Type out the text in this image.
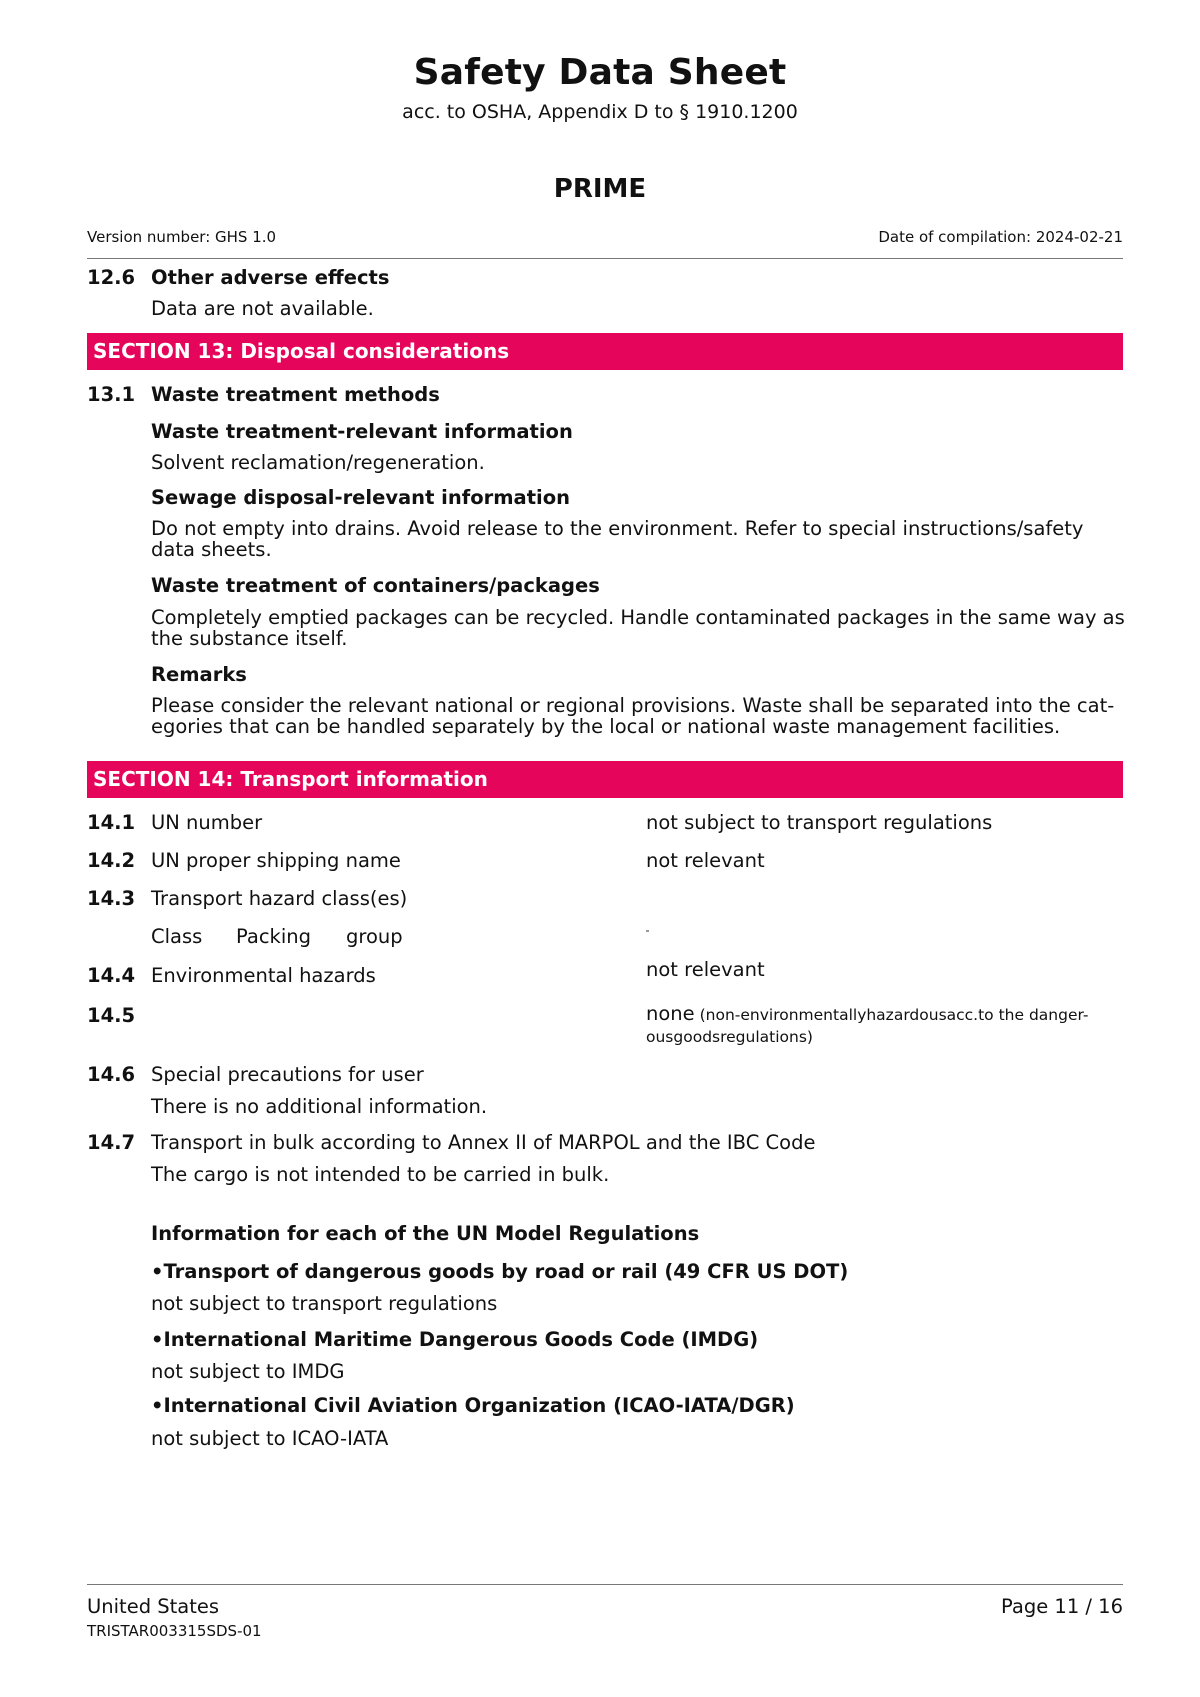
Safety Data Sheet
acc. to OSHA, Appendix D to § 1910.1200
PRIME
Version number: GHS 1.0	Date of compilation: 2024-02-21
12.6 Other adverse effects
Data are not available.
SECTION 13: Disposal considerations
13.1 Waste treatment methods
Waste treatment-relevant information
Solvent reclamation/regeneration.
Sewage disposal-relevant information
Do not empty into drains. Avoid release to the environment. Refer to special instructions/safety data sheets.
Waste treatment of containers/packages
Completely emptied packages can be recycled. Handle contaminated packages in the same way as the substance itself.
Remarks
Please consider the relevant national or regional provisions. Waste shall be separated into the cat-egories that can be handled separately by the local or national waste management facilities.
SECTION 14: Transport information
14.1 UN number	not subject to transport regulations
14.2 UN proper shipping name	not relevant
14.3 Transport hazard class(es)
Class Packing group
14.4 Environmental hazards	not relevant
14.5	none (non-environmentallyhazardousacc.to the danger-ousgoodsregulations)
14.6 Special precautions for user
There is no additional information.
14.7 Transport in bulk according to Annex II of MARPOL and the IBC Code
The cargo is not intended to be carried in bulk.
Information for each of the UN Model Regulations
•Transport of dangerous goods by road or rail (49 CFR US DOT)
not subject to transport regulations
•International Maritime Dangerous Goods Code (IMDG)
not subject to IMDG
•International Civil Aviation Organization (ICAO-IATA/DGR)
not subject to ICAO-IATA
United States	Page 11 / 16
TRISTAR003315SDS-01
